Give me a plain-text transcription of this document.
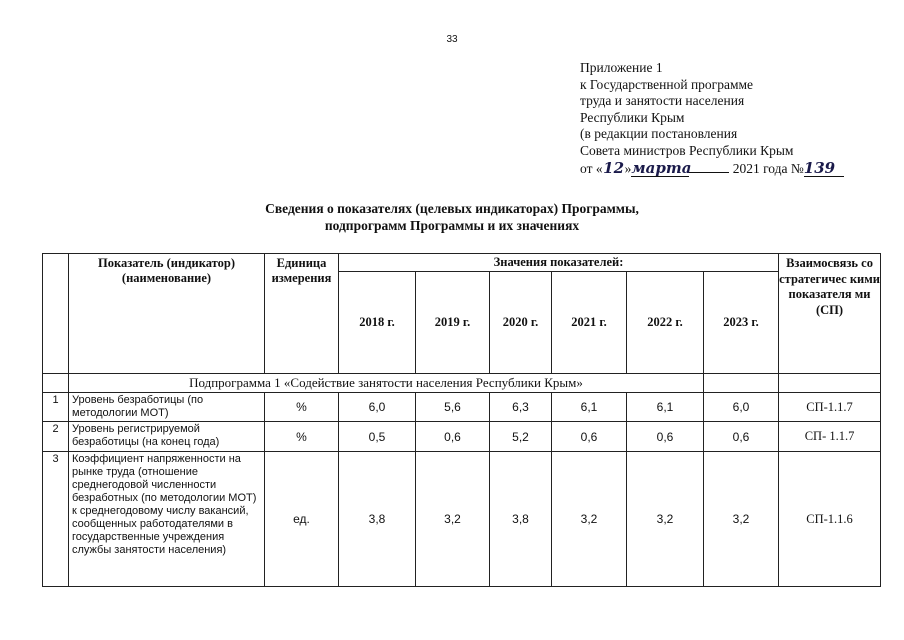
33
Приложение 1
к Государственной программе
труда и занятости населения
Республики Крым
(в редакции постановления
Совета министров Республики Крым
от «12»марта	2021 года №139
Сведения о показателях (целевых индикаторах) Программы,
подпрограмм Программы и их значениях
	Показатель (индикатор) (наименование)	Единица измерения	Значения показателей:						Взаимосвязь со стратегичес кими показателя ми (СП)
			2018 г.	2019 г.	2020 г.	2021 г.	2022 г.	2023 г.	
	Подпрограмма 1 «Содействие занятости населения Республики Крым»								
1	Уровень безработицы (по методологии МОТ)	%	6,0	5,6	6,3	6,1	6,1	6,0	СП-1.1.7
2	Уровень регистрируемой безработицы (на конец года)	%	0,5	0,6	5,2	0,6	0,6	0,6	СП- 1.1.7
3	Коэффициент напряженности на рынке труда (отношение среднегодовой численности безработных (по методологии МОТ) к среднегодовому числу вакансий, сообщенных работодателями в государственные учреждения службы занятости населения)	ед.	3,8	3,2	3,8	3,2	3,2	3,2	СП-1.1.6
